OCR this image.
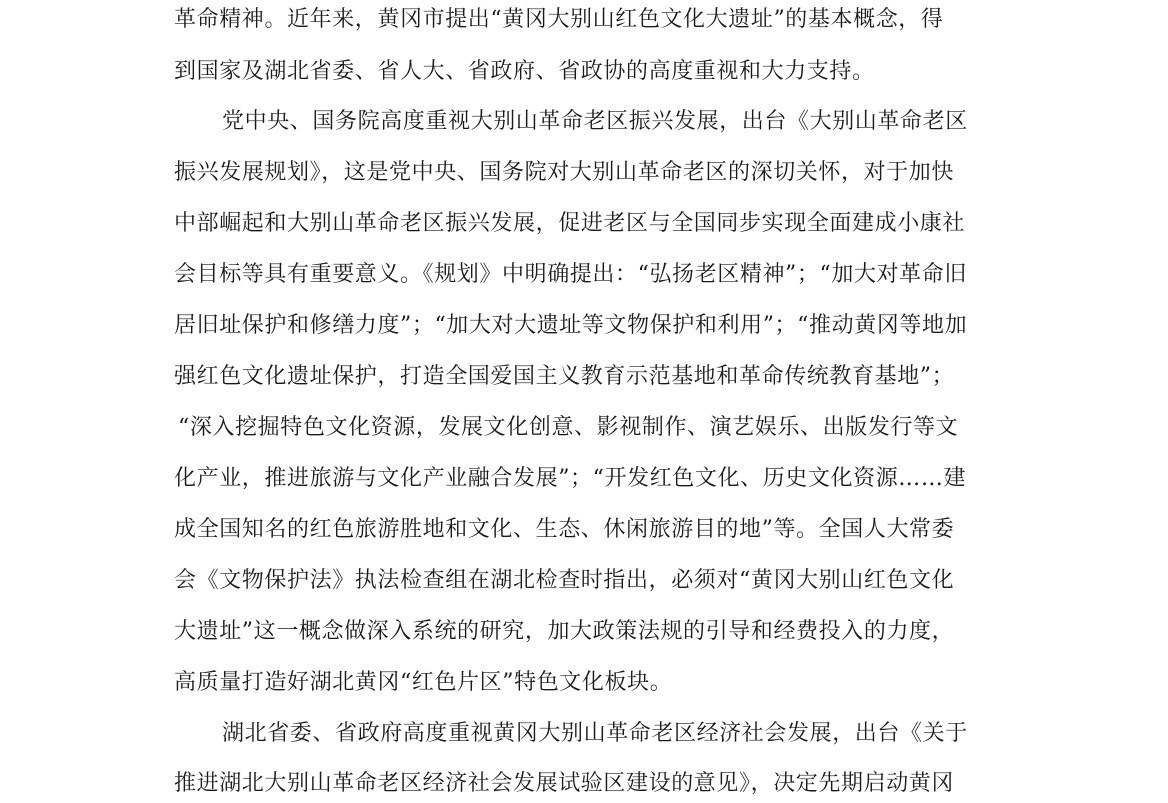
革命精神。近年来，黄冈市提出“黄冈大别山红色文化大遗址”的基本概念，得
到国家及湖北省委、省人大、省政府、省政协的高度重视和大力支持。
党中央、国务院高度重视大别山革命老区振兴发展，出台《大别山革命老区
振兴发展规划》，这是党中央、国务院对大别山革命老区的深切关怀，对于加快
中部崛起和大别山革命老区振兴发展，促进老区与全国同步实现全面建成小康社
会目标等具有重要意义。《规划》中明确提出：“弘扬老区精神”；“加大对革命旧
居旧址保护和修缮力度”；“加大对大遗址等文物保护和利用”；“推动黄冈等地加
强红色文化遗址保护，打造全国爱国主义教育示范基地和革命传统教育基地”；
“深入挖掘特色文化资源，发展文化创意、影视制作、演艺娱乐、出版发行等文
化产业，推进旅游与文化产业融合发展”；“开发红色文化、历史文化资源……建
成全国知名的红色旅游胜地和文化、生态、休闲旅游目的地”等。全国人大常委
会《文物保护法》执法检查组在湖北检查时指出，必须对“黄冈大别山红色文化
大遗址”这一概念做深入系统的研究，加大政策法规的引导和经费投入的力度，
高质量打造好湖北黄冈“红色片区”特色文化板块。
湖北省委、省政府高度重视黄冈大别山革命老区经济社会发展，出台《关于
推进湖北大别山革命老区经济社会发展试验区建设的意见》，决定先期启动黄冈
